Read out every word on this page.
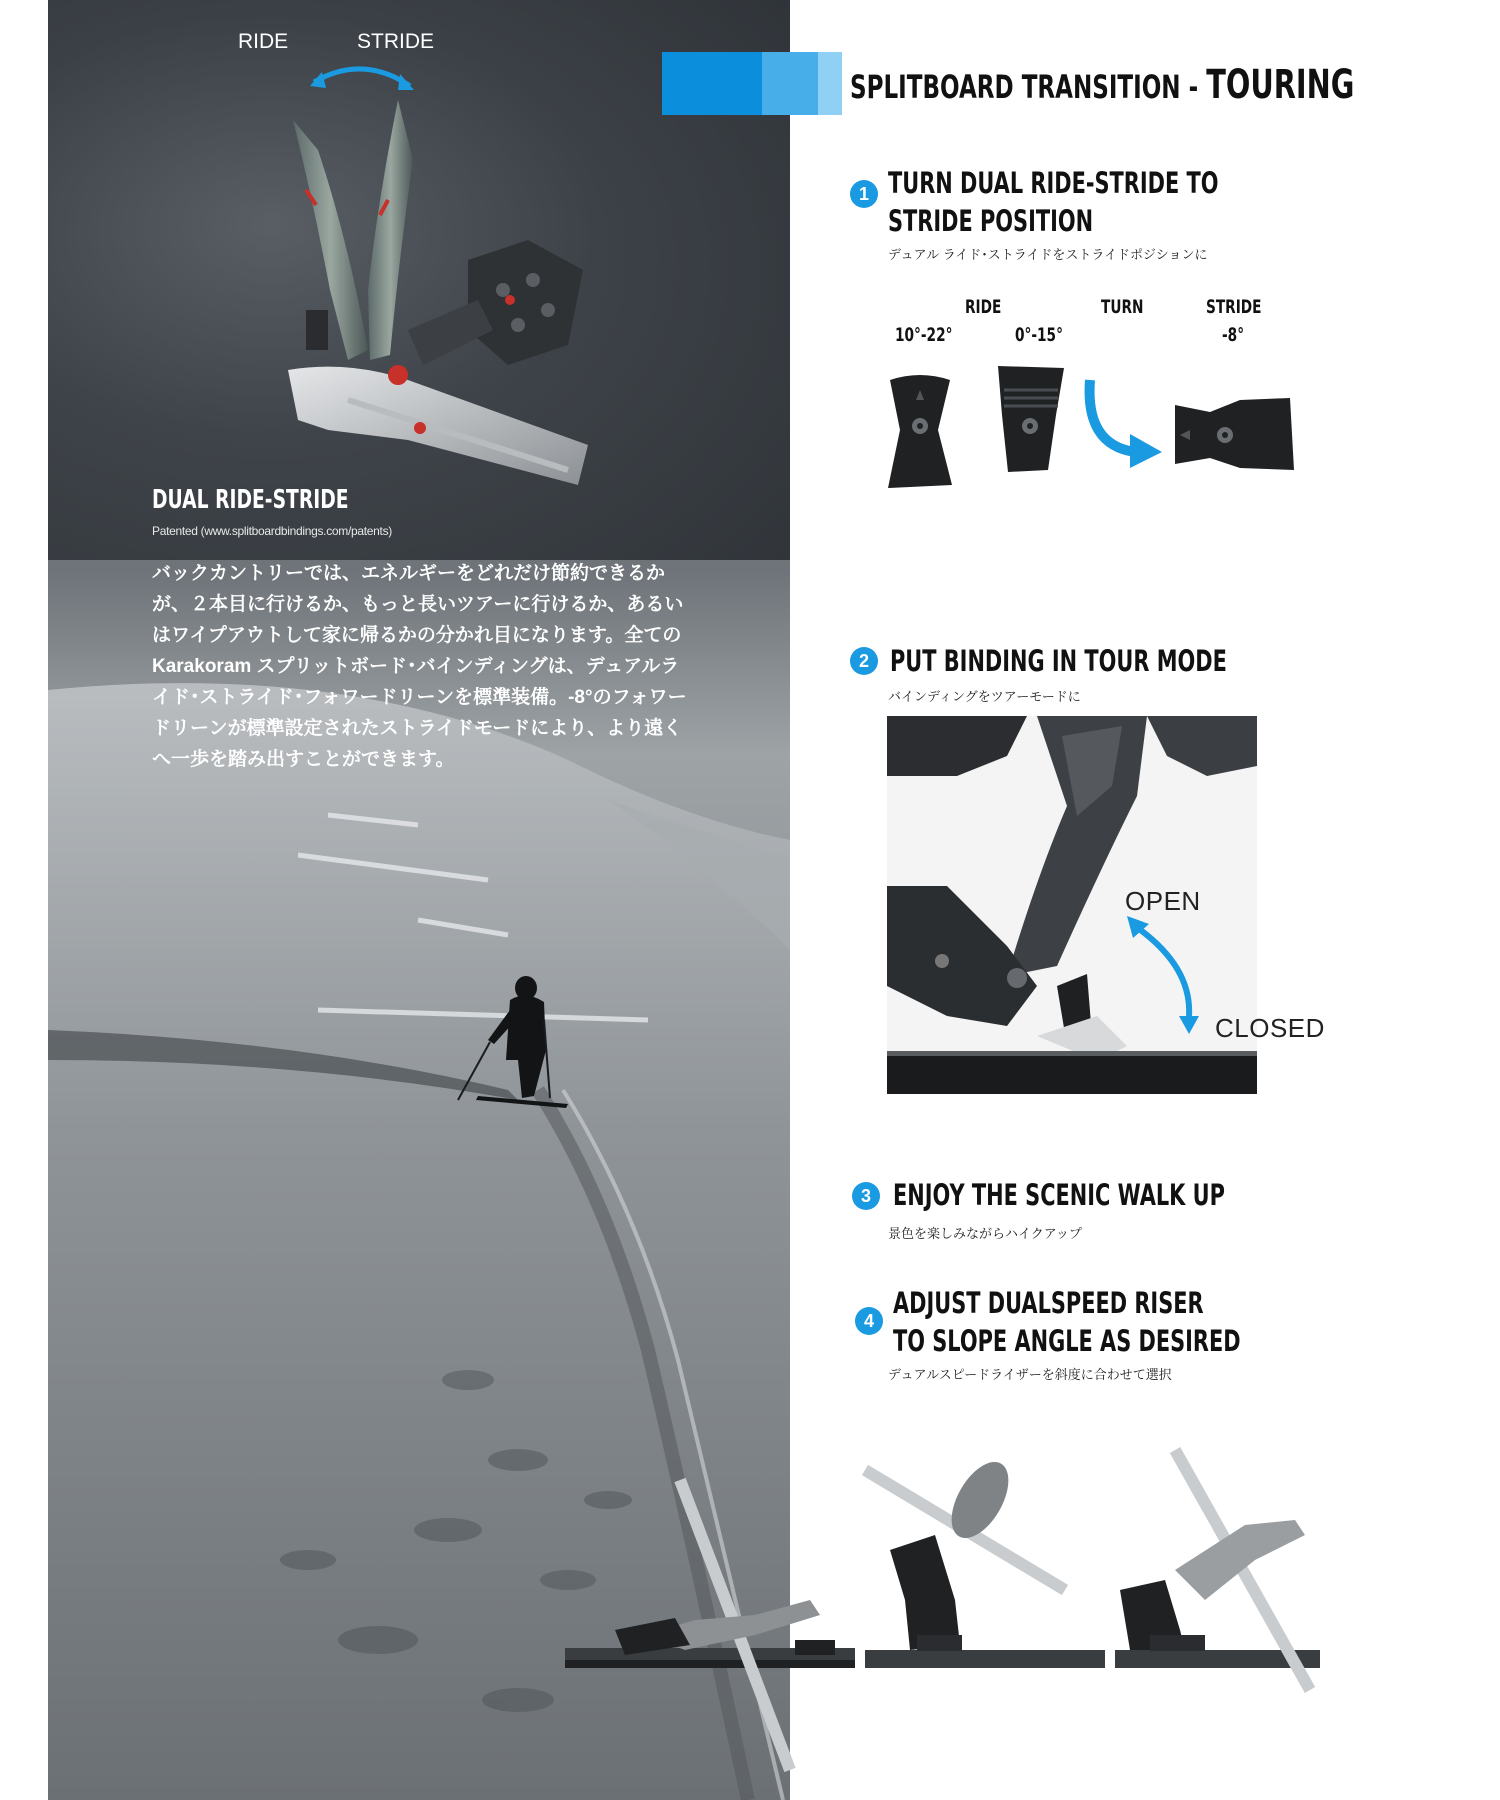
RIDE	STRIDE
DUAL RIDE-STRIDE
Patented (www.splitboardbindings.com/patents)
バックカントリーでは、エネルギーをどれだけ節約できるか
が、２本目に行けるか、もっと長いツアーに行けるか、あるい
はワイプアウトして家に帰るかの分かれ目になります。全ての
Karakoram スプリットボード･バインディングは、デュアルラ
イド･ストライド･フォワードリーンを標準装備。-8°のフォワー
ドリーンが標準設定されたストライドモードにより、より遠く
へ一歩を踏み出すことができます。
SPLITBOARD TRANSITION - TOURING
1 TURN DUAL RIDE-STRIDE TO
STRIDE POSITION
デュアル ライド･ストライドをストライドポジションに
RIDE	TURN	STRIDE
10°-22°	0°-15°	-8°
2 PUT BINDING IN TOUR MODE
バインディングをツアーモードに
OPEN
CLOSED
3 ENJOY THE SCENIC WALK UP
景色を楽しみながらハイクアップ
4
ADJUST DUALSPEED RISER
TO SLOPE ANGLE AS DESIRED
デュアルスピードライザーを斜度に合わせて選択
